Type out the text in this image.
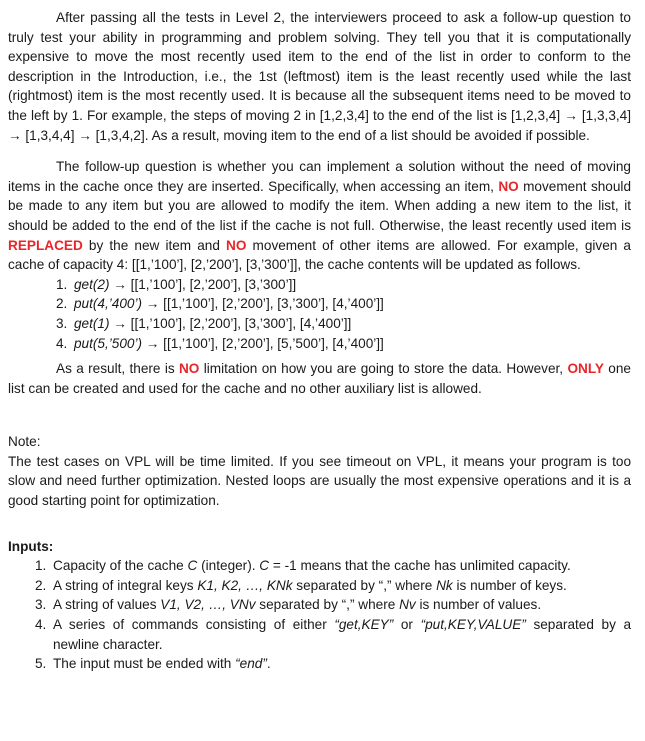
After passing all the tests in Level 2, the interviewers proceed to ask a follow-up question to truly test your ability in programming and problem solving. They tell you that it is computationally expensive to move the most recently used item to the end of the list in order to conform to the description in the Introduction, i.e., the 1st (leftmost) item is the least recently used while the last (rightmost) item is the most recently used. It is because all the subsequent items need to be moved to the left by 1. For example, the steps of moving 2 in [1,2,3,4] to the end of the list is [1,2,3,4] → [1,3,3,4] → [1,3,4,4] → [1,3,4,2]. As a result, moving item to the end of a list should be avoided if possible.

The follow-up question is whether you can implement a solution without the need of moving items in the cache once they are inserted. Specifically, when accessing an item, NO movement should be made to any item but you are allowed to modify the item. When adding a new item to the list, it should be added to the end of the list if the cache is not full. Otherwise, the least recently used item is REPLACED by the new item and NO movement of other items are allowed. For example, given a cache of capacity 4: [[1,’100’], [2,’200’], [3,’300’]], the cache contents will be updated as follows.

1. get(2) → [[1,’100’], [2,’200’], [3,’300’]]
2. put(4,’400’) → [[1,’100’], [2,’200’], [3,’300’], [4,’400’]]
3. get(1) → [[1,’100’], [2,’200’], [3,’300’], [4,’400’]]
4. put(5,’500’) → [[1,’100’], [2,’200’], [5,’500’], [4,’400’]]

As a result, there is NO limitation on how you are going to store the data. However, ONLY one list can be created and used for the cache and no other auxiliary list is allowed.

Note:

The test cases on VPL will be time limited. If you see timeout on VPL, it means your program is too slow and need further optimization. Nested loops are usually the most expensive operations and it is a good starting point for optimization.

Inputs:

1. Capacity of the cache C (integer). C = -1 means that the cache has unlimited capacity.
2. A string of integral keys K1, K2, …, KNk separated by “,” where Nk is number of keys.
3. A string of values V1, V2, …, VNv separated by “,” where Nv is number of values.
4. A series of commands consisting of either “get,KEY” or “put,KEY,VALUE” separated by a newline character.
5. The input must be ended with “end”.
